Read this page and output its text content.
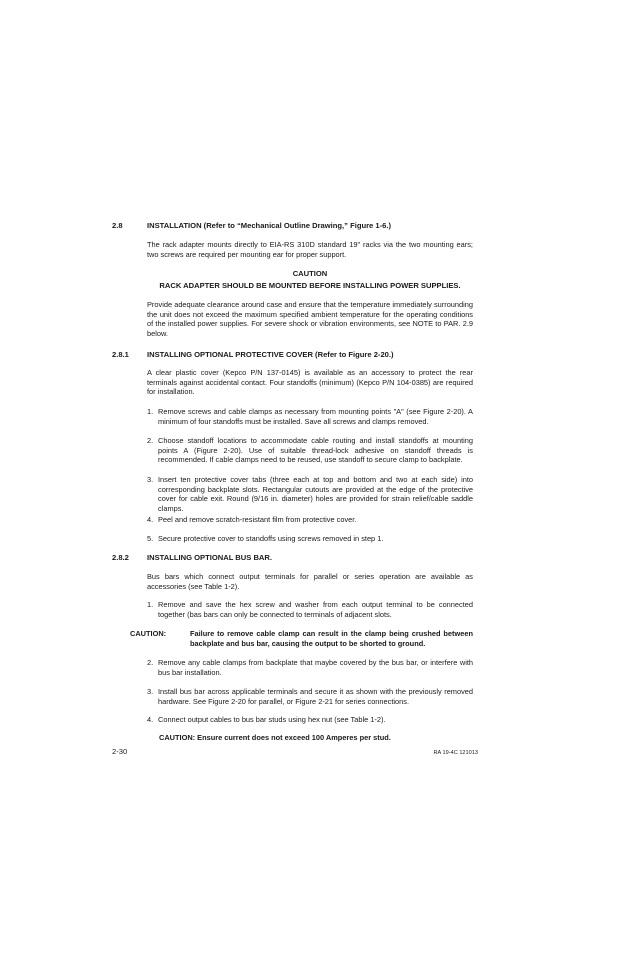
2.8	INSTALLATION (Refer to “Mechanical Outline Drawing,” Figure 1-6.)
The rack adapter mounts directly to EIA-RS 310D standard 19" racks via the two mounting ears; two screws are required per mounting ear for proper support.
CAUTION
RACK ADAPTER SHOULD BE MOUNTED BEFORE INSTALLING POWER SUPPLIES.
Provide adequate clearance around case and ensure that the temperature immediately surrounding the unit does not exceed the maximum specified ambient temperature for the operating conditions of the installed power supplies. For severe shock or vibration environments, see NOTE to PAR. 2.9 below.
2.8.1 INSTALLING OPTIONAL PROTECTIVE COVER (Refer to Figure 2-20.)
A clear plastic cover (Kepco P/N 137-0145) is available as an accessory to protect the rear terminals against accidental contact. Four standoffs (minimum) (Kepco P/N 104-0385) are required for installation.
1. Remove screws and cable clamps as necessary from mounting points "A" (see Figure 2-20). A minimum of four standoffs must be installed. Save all screws and clamps removed.
2. Choose standoff locations to accommodate cable routing and install standoffs at mounting points A (Figure 2-20). Use of suitable thread-lock adhesive on standoff threads is recommended. If cable clamps need to be reused, use standoff to secure clamp to backplate.
3. Insert ten protective cover tabs (three each at top and bottom and two at each side) into corresponding backplate slots. Rectangular cutouts are provided at the edge of the protective cover for cable exit. Round (9/16 in. diameter) holes are provided for strain relief/cable saddle clamps.
4. Peel and remove scratch-resistant film from protective cover.
5. Secure protective cover to standoffs using screws removed in step 1.
2.8.2 INSTALLING OPTIONAL BUS BAR.
Bus bars which connect output terminals for parallel or series operation are available as accessories (see Table 1-2).
1. Remove and save the hex screw and washer from each output terminal to be connected together (bas bars can only be connected to terminals of adjacent slots.
CAUTION:	Failure to remove cable clamp can result in the clamp being crushed between backplate and bus bar, causing the output to be shorted to ground.
2. Remove any cable clamps from backplate that maybe covered by the bus bar, or interfere with bus bar installation.
3. Install bus bar across applicable terminals and secure it as shown with the previously removed hardware. See Figure 2-20 for parallel, or Figure 2-21 for series connections.
4. Connect output cables to bus bar studs using hex nut (see Table 1-2).
CAUTION: Ensure current does not exceed 100 Amperes per stud.
2-30	RA 19-4C 121013
